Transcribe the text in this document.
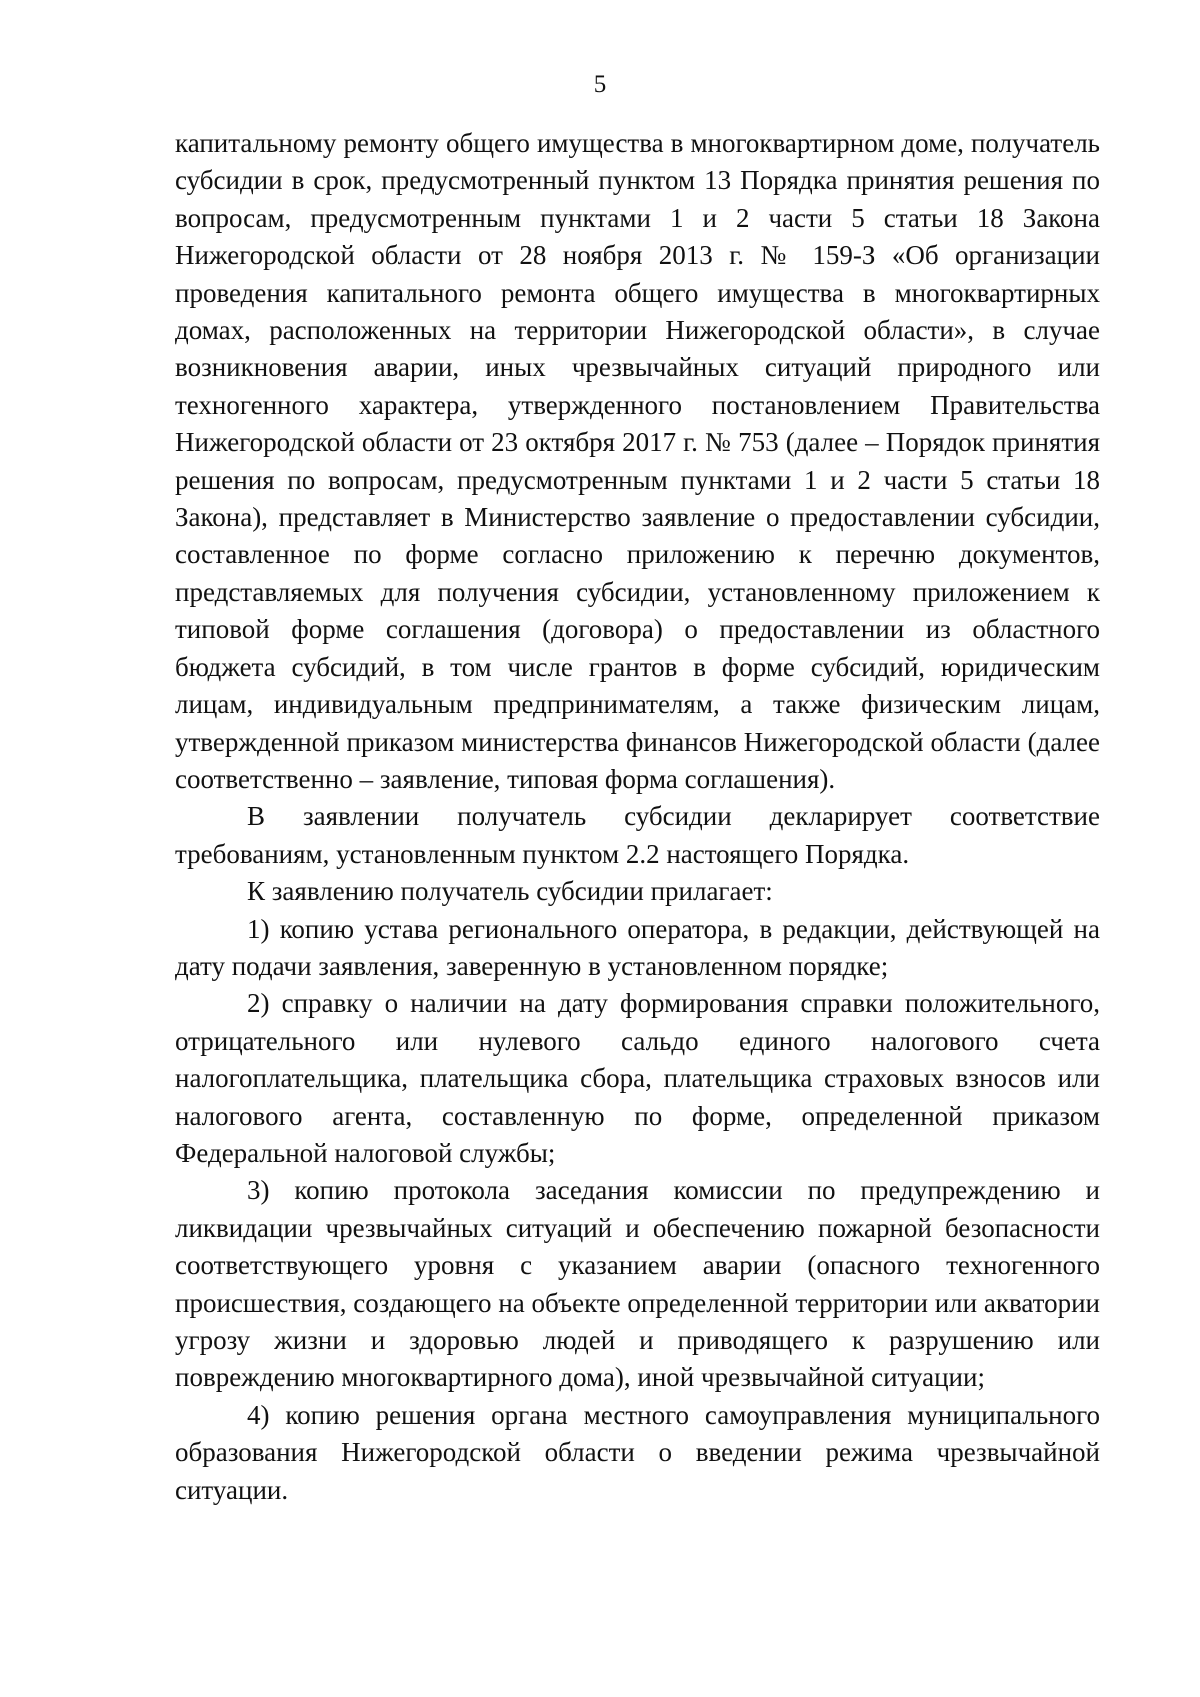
5

капитальному ремонту общего имущества в многоквартирном доме, получатель субсидии в срок, предусмотренный пунктом 13 Порядка принятия решения по вопросам, предусмотренным пунктами 1 и 2 части 5 статьи 18 Закона Нижегородской области от 28 ноября 2013 г. № 159-З «Об организации проведения капитального ремонта общего имущества в многоквартирных домах, расположенных на территории Нижегородской области», в случае возникновения аварии, иных чрезвычайных ситуаций природного или техногенного характера, утвержденного постановлением Правительства Нижегородской области от 23 октября 2017 г. № 753 (далее – Порядок принятия решения по вопросам, предусмотренным пунктами 1 и 2 части 5 статьи 18 Закона), представляет в Министерство заявление о предоставлении субсидии, составленное по форме согласно приложению к перечню документов, представляемых для получения субсидии, установленному приложением к типовой форме соглашения (договора) о предоставлении из областного бюджета субсидий, в том числе грантов в форме субсидий, юридическим лицам, индивидуальным предпринимателям, а также физическим лицам, утвержденной приказом министерства финансов Нижегородской области (далее соответственно – заявление, типовая форма соглашения).

В заявлении получатель субсидии декларирует соответствие требованиям, установленным пунктом 2.2 настоящего Порядка.

К заявлению получатель субсидии прилагает:

1) копию устава регионального оператора, в редакции, действующей на дату подачи заявления, заверенную в установленном порядке;

2) справку о наличии на дату формирования справки положительного, отрицательного или нулевого сальдо единого налогового счета налогоплательщика, плательщика сбора, плательщика страховых взносов или налогового агента, составленную по форме, определенной приказом Федеральной налоговой службы;

3) копию протокола заседания комиссии по предупреждению и ликвидации чрезвычайных ситуаций и обеспечению пожарной безопасности соответствующего уровня с указанием аварии (опасного техногенного происшествия, создающего на объекте определенной территории или акватории угрозу жизни и здоровью людей и приводящего к разрушению или повреждению многоквартирного дома), иной чрезвычайной ситуации;

4) копию решения органа местного самоуправления муниципального образования Нижегородской области о введении режима чрезвычайной ситуации.
